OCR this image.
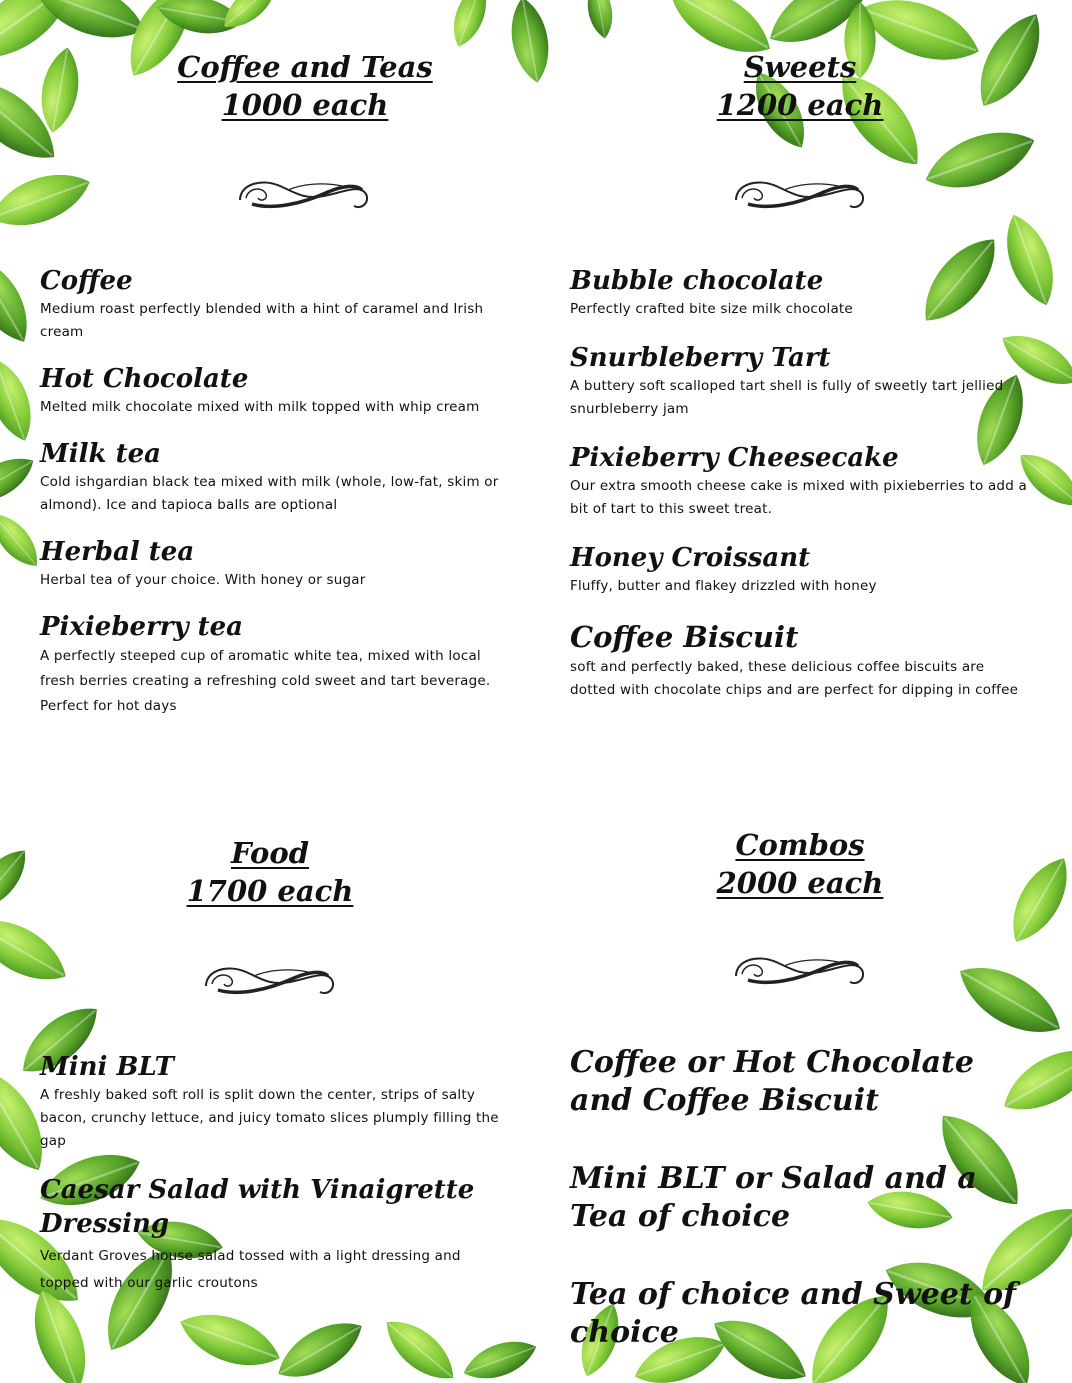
Coffee and Teas
1000 each

Coffee

Medium roast perfectly blended with a hint of caramel and Irish cream

Hot Chocolate

Melted milk chocolate mixed with milk topped with whip cream

Milk tea

Cold ishgardian black tea mixed with milk (whole, low-fat, skim or almond). Ice and tapioca balls are optional

Herbal tea

Herbal tea of your choice. With honey or sugar

Pixieberry tea

A perfectly steeped cup of aromatic white tea, mixed with local fresh berries creating a refreshing cold sweet and tart beverage. Perfect for hot days

Sweets
1200 each

Bubble chocolate

Perfectly crafted bite size milk chocolate

Snurbleberry Tart

A buttery soft scalloped tart shell is fully of sweetly tart jellied snurbleberry jam

Pixieberry Cheesecake

Our extra smooth cheese cake is mixed with pixieberries to add a bit of tart to this sweet treat.

Honey Croissant

Fluffy, butter and flakey drizzled with honey

Coffee Biscuit

soft and perfectly baked, these delicious coffee biscuits are dotted with chocolate chips and are perfect for dipping in coffee

Food
1700 each

Mini BLT

A freshly baked soft roll is split down the center, strips of salty bacon, crunchy lettuce, and juicy tomato slices plumply filling the gap

Caesar Salad with Vinaigrette Dressing

Verdant Groves house salad tossed with a light dressing and topped with our garlic croutons

Combos
2000 each

Coffee or Hot Chocolate and Coffee Biscuit

Mini BLT or Salad and a Tea of choice

Tea of choice and Sweet of choice
